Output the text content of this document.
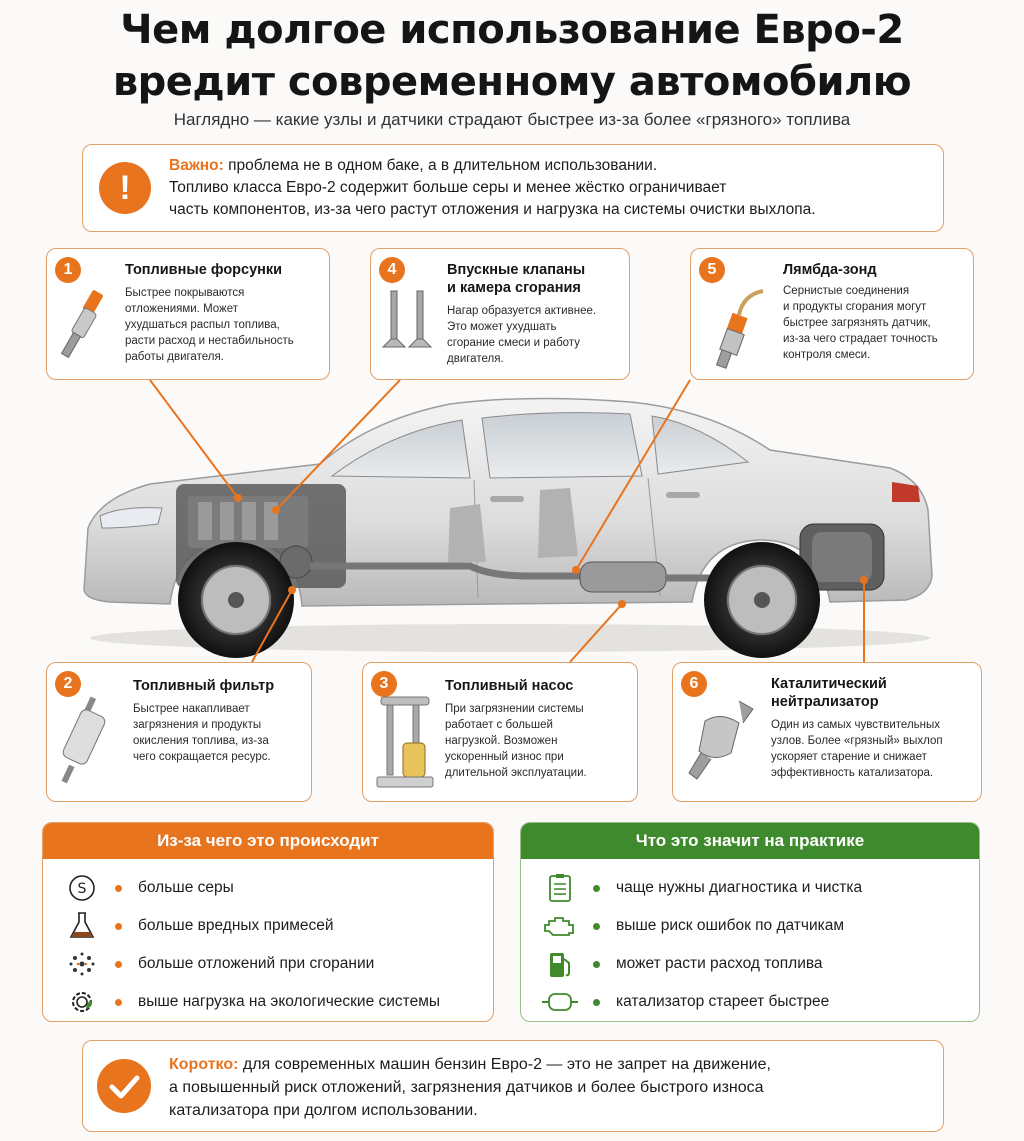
Чем долгое использование Евро-2
вредит современному автомобилю
Наглядно — какие узлы и датчики страдают быстрее из-за более «грязного» топлива
!
Важно: проблема не в одном баке, а в длительном использовании.
Топливо класса Евро-2 содержит больше серы и менее жёстко ограничивает
часть компонентов, из-за чего растут отложения и нагрузка на системы очистки выхлопа.
1	Топливные форсунки
Быстрее покрываются
отложениями. Может
ухудшаться распыл топлива,
расти расход и нестабильность
работы двигателя.
4	Впускные клапаны
и камера сгорания
Нагар образуется активнее.
Это может ухудшать
сгорание смеси и работу
двигателя.
5	Лямбда-зонд
Сернистые соединения
и продукты сгорания могут
быстрее загрязнять датчик,
из-за чего страдает точность
контроля смеси.
2	Топливный фильтр
Быстрее накапливает
загрязнения и продукты
окисления топлива, из-за
чего сокращается ресурс.
3	Топливный насос
При загрязнении системы
работает с большей
нагрузкой. Возможен
ускоренный износ при
длительной эксплуатации.
6	Каталитический
нейтрализатор
Один из самых чувствительных
узлов. Более «грязный» выхлоп
ускоряет старение и снижает
эффективность катализатора.
Из-за чего это происходит
S	больше серы
больше вредных примесей
больше отложений при сгорании
выше нагрузка на экологические системы
Что это значит на практике
чаще нужны диагностика и чистка
выше риск ошибок по датчикам
может расти расход топлива
катализатор стареет быстрее
Коротко: для современных машин бензин Евро-2 — это не запрет на движение,
а повышенный риск отложений, загрязнения датчиков и более быстрого износа
катализатора при долгом использовании.
